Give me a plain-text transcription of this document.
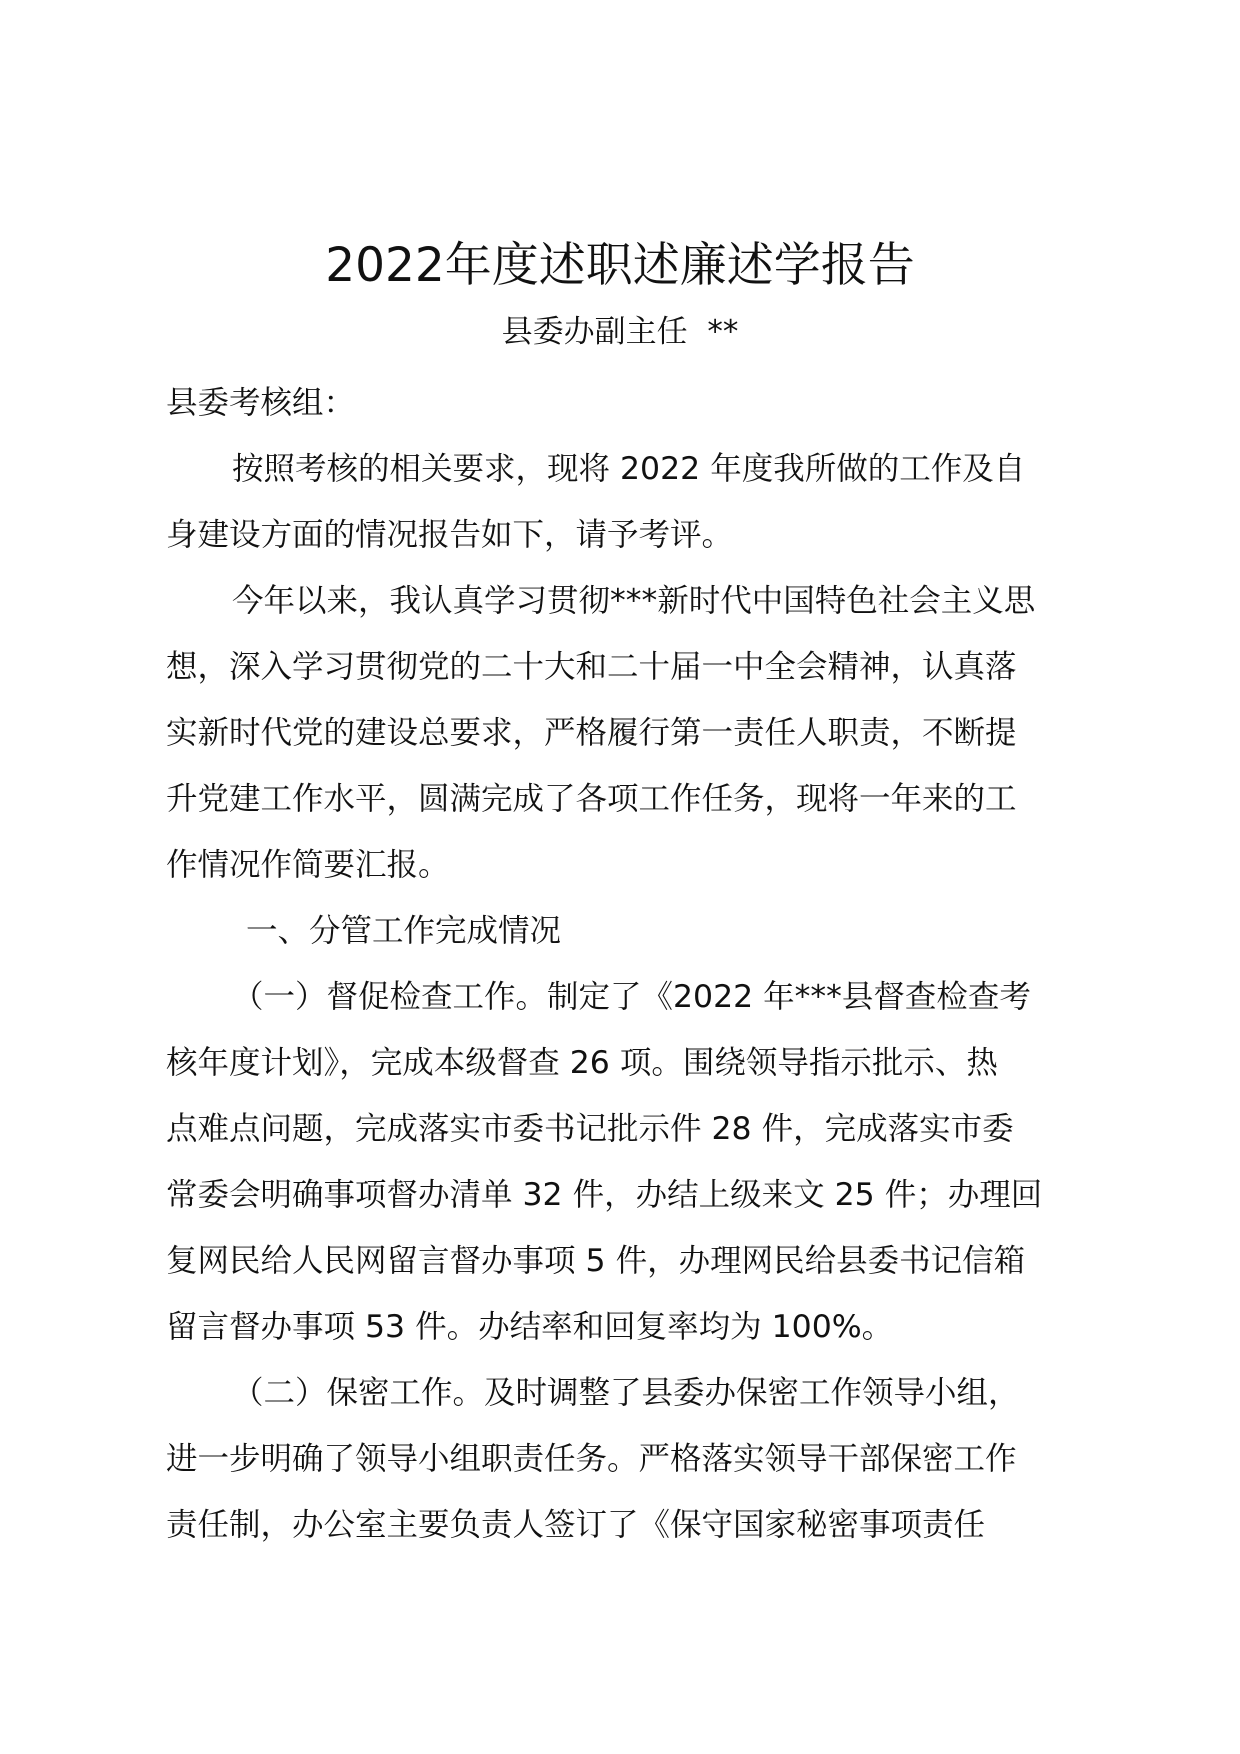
2022年度述职述廉述学报告
县委办副主任  **
县委考核组：
按照考核的相关要求，现将 2022 年度我所做的工作及自
身建设方面的情况报告如下，请予考评。
今年以来，我认真学习贯彻***新时代中国特色社会主义思
想，深入学习贯彻党的二十大和二十届一中全会精神，认真落
实新时代党的建设总要求，严格履行第一责任人职责，不断提
升党建工作水平，圆满完成了各项工作任务，现将一年来的工
作情况作简要汇报。
一、分管工作完成情况
（一）督促检查工作。制定了《2022 年***县督查检查考
核年度计划》，完成本级督查 26 项。围绕领导指示批示、热
点难点问题，完成落实市委书记批示件 28 件，完成落实市委
常委会明确事项督办清单 32 件，办结上级来文 25 件；办理回
复网民给人民网留言督办事项 5 件，办理网民给县委书记信箱
留言督办事项 53 件。办结率和回复率均为 100%。
（二）保密工作。及时调整了县委办保密工作领导小组，
进一步明确了领导小组职责任务。严格落实领导干部保密工作
责任制，办公室主要负责人签订了《保守国家秘密事项责任
